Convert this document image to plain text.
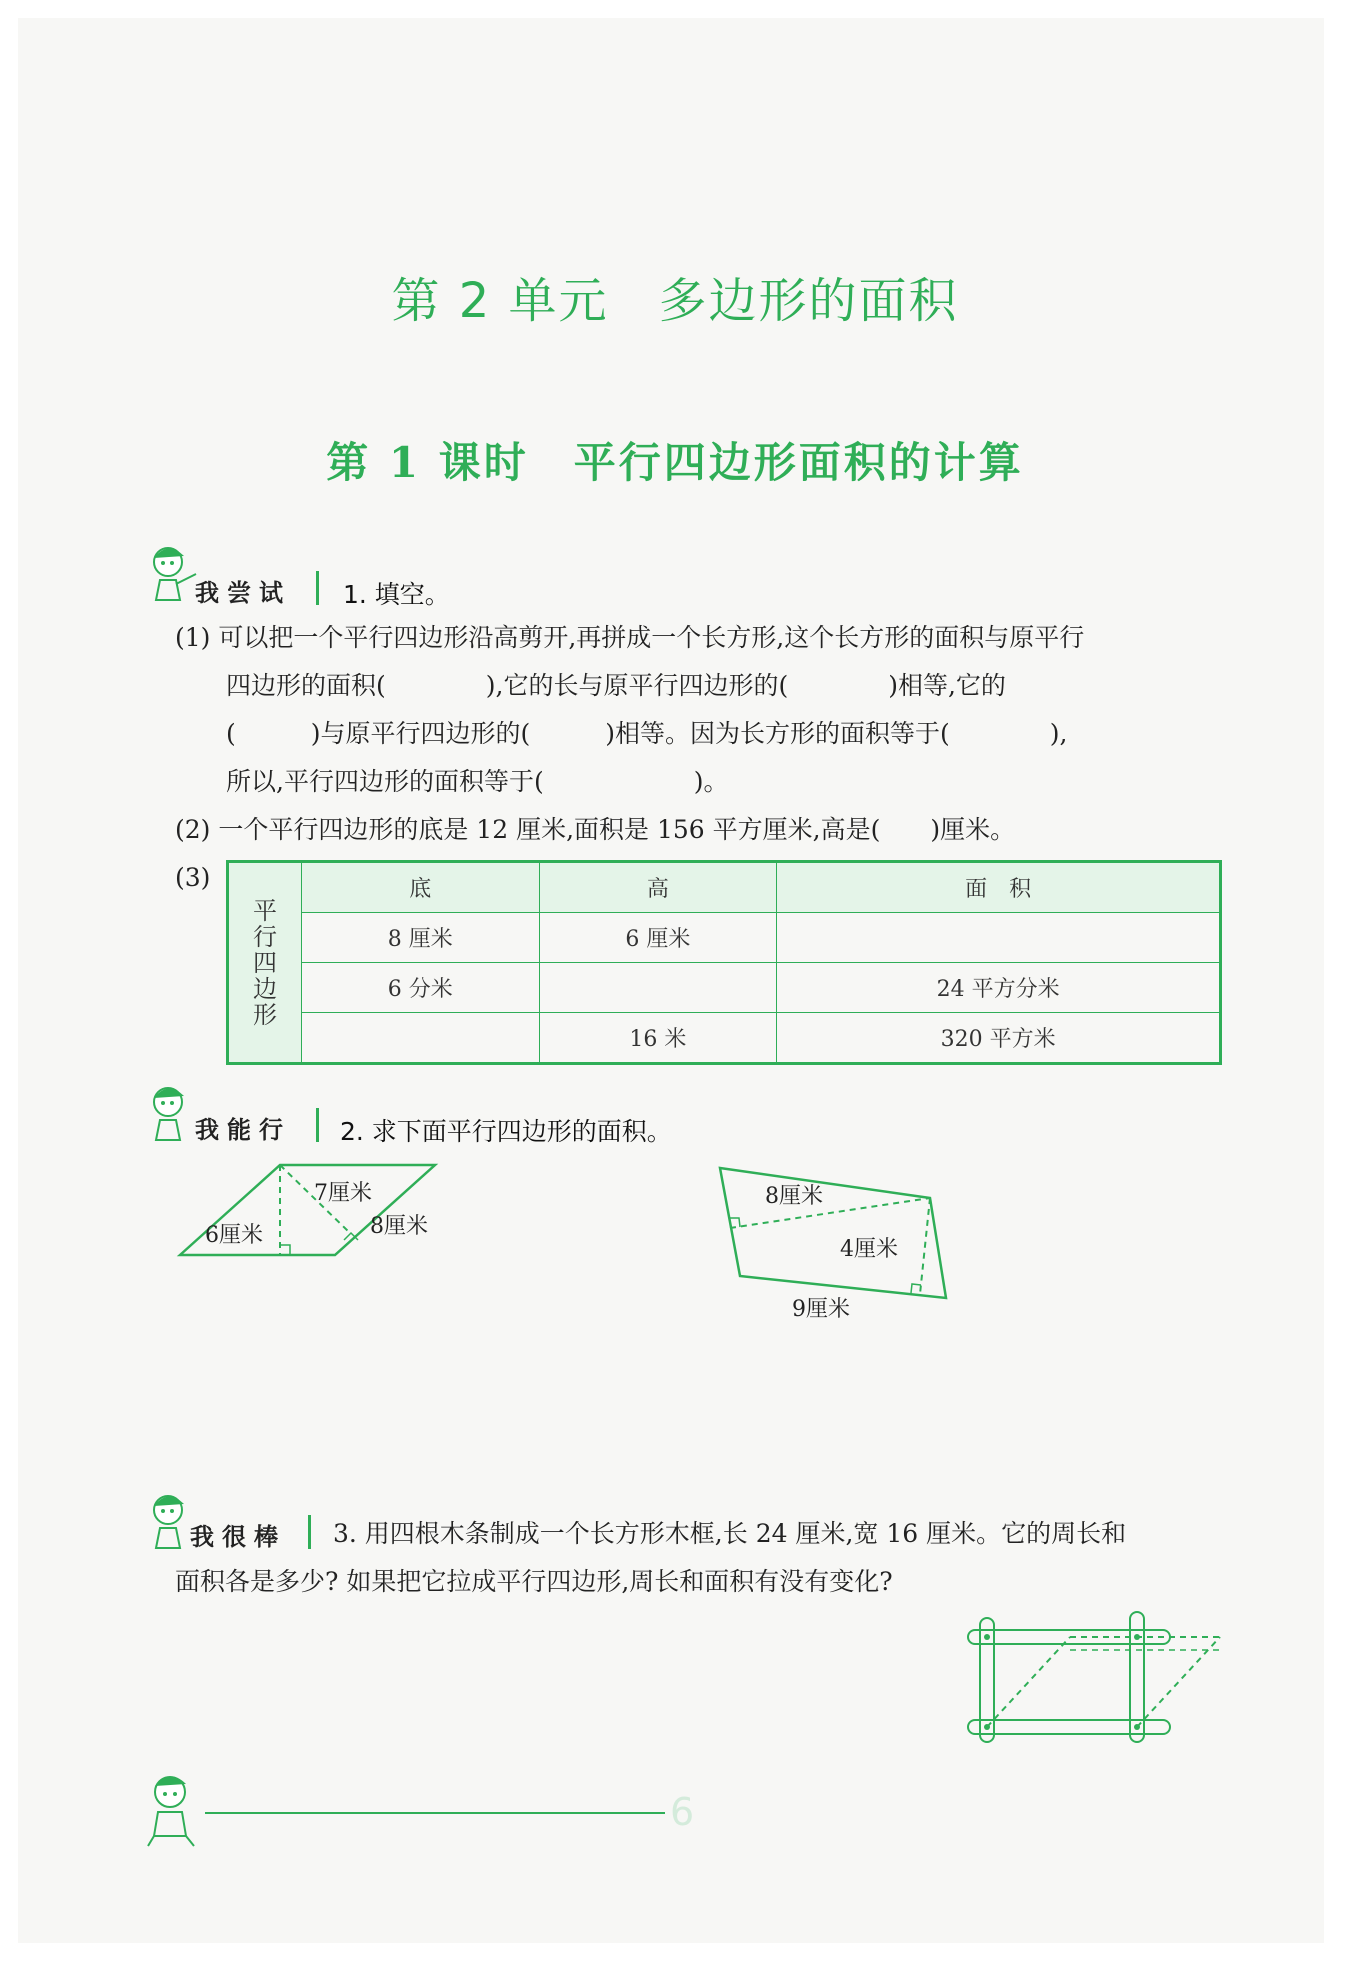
第 2 单元　多边形的面积
第 1 课时　平行四边形面积的计算
我尝试 1. 填空。
(1) 可以把一个平行四边形沿高剪开,再拼成一个长方形,这个长方形的面积与原平行
四边形的面积(　　　　),它的长与原平行四边形的(　　　　)相等,它的
(　　　)与原平行四边形的(　　　)相等。因为长方形的面积等于(　　　　),
所以,平行四边形的面积等于(　　　　　　)。
(2) 一个平行四边形的底是 12 厘米,面积是 156 平方厘米,高是(　　)厘米。
(3)
平行四边形	底	高	面　积
	8 厘米	6 厘米	
	6 分米		24 平方分米
		16 米	320 平方米
我能行 2. 求下面平行四边形的面积。
7厘米
6厘米	8厘米
8厘米
4厘米
9厘米
我很棒 3. 用四根木条制成一个长方形木框,长 24 厘米,宽 16 厘米。它的周长和
面积各是多少? 如果把它拉成平行四边形,周长和面积有没有变化?
6
